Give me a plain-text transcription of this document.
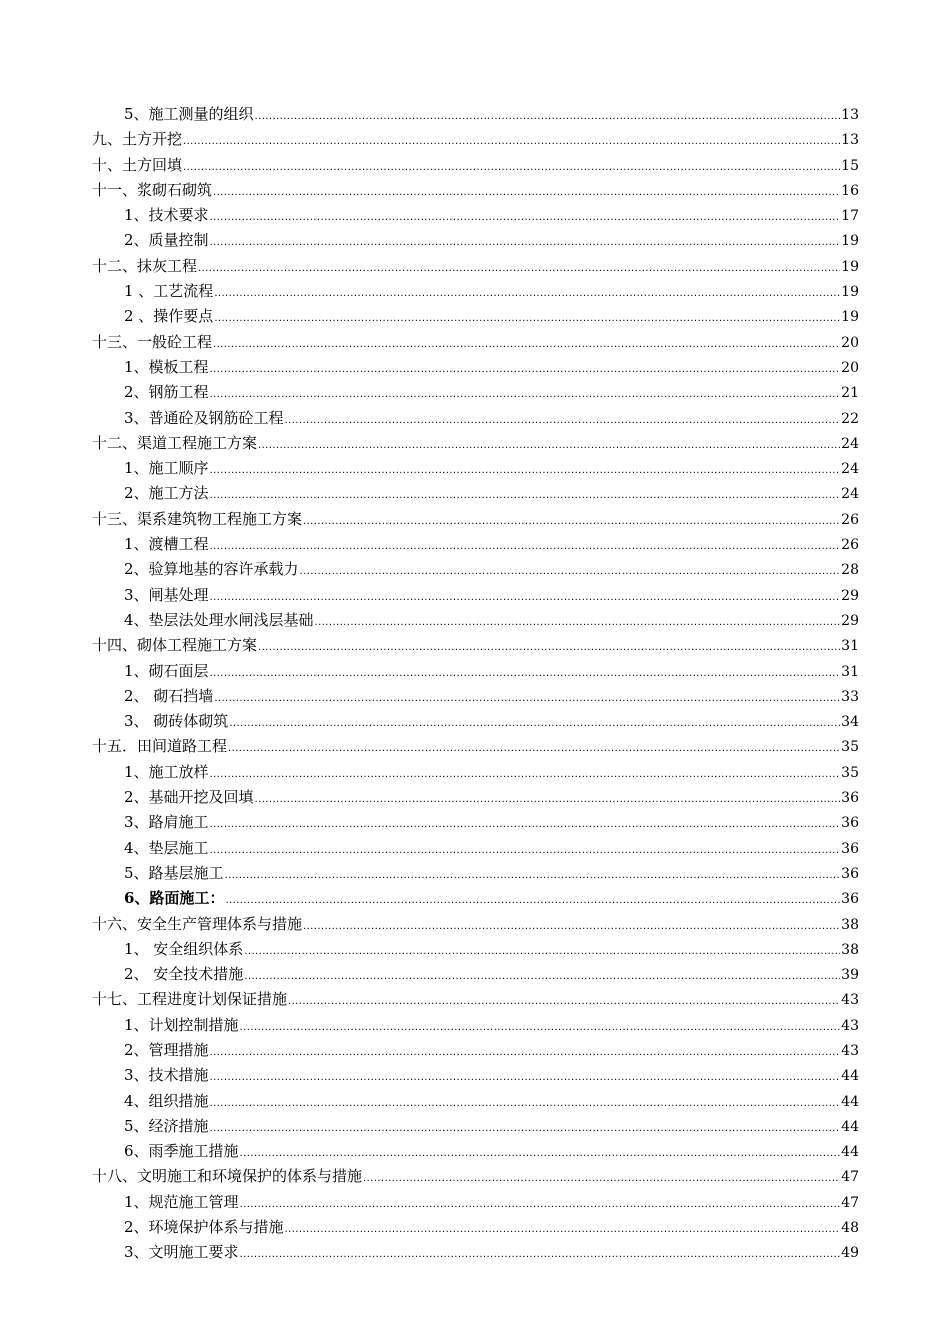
5、施工测量的组织 .....	13
九、土方开挖 .....	13
十、土方回填 .....	15
十一、浆砌石砌筑 .....	16
1、技术要求 .....	17
2、质量控制 .....	19
十二、抹灰工程 .....	19
1 、工艺流程 .....	19
2 、操作要点 .....	19
十三、一般砼工程 .....	20
1、模板工程 .....	20
2、钢筋工程 .....	21
3、普通砼及钢筋砼工程 .....	22
十二、渠道工程施工方案 .....	24
1、施工顺序 .....	24
2、施工方法 .....	24
十三、渠系建筑物工程施工方案 .....	26
1、渡槽工程 .....	26
2、验算地基的容许承载力 .....	28
3、闸基处理 .....	29
4、垫层法处理水闸浅层基础 .....	29
十四、砌体工程施工方案 .....	31
1、砌石面层 .....	31
2、 砌石挡墙 .....	33
3、 砌砖体砌筑 .....	34
十五．田间道路工程 .....	35
1、施工放样 .....	35
2、基础开挖及回填 .....	36
3、路肩施工 .....	36
4、垫层施工 .....	36
5、路基层施工 .....	36
6、路面施工： .....	36
十六、安全生产管理体系与措施 .....	38
1、 安全组织体系 .....	38
2、 安全技术措施 .....	39
十七、工程进度计划保证措施 .....	43
1、计划控制措施 .....	43
2、管理措施 .....	43
3、技术措施 .....	44
4、组织措施 .....	44
5、经济措施 .....	44
6、雨季施工措施 .....	44
十八、文明施工和环境保护的体系与措施 .....	47
1、规范施工管理 .....	47
2、环境保护体系与措施 .....	48
3、文明施工要求 .....	49
